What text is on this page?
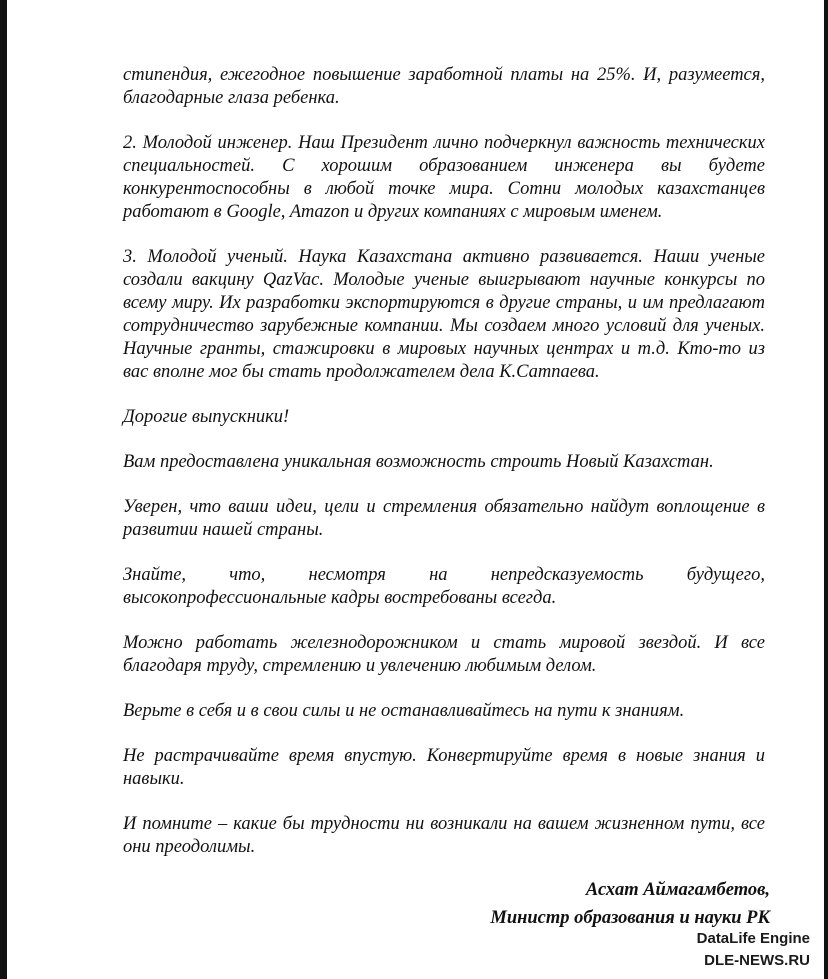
стипендия, ежегодное повышение заработной платы на 25%. И, разумеется, благодарные глаза ребенка.

2. Молодой инженер. Наш Президент лично подчеркнул важность технических специальностей. С хорошим образованием инженера вы будете конкурентоспособны в любой точке мира. Сотни молодых казахстанцев работают в Google, Amazon и других компаниях с мировым именем.

3. Молодой ученый. Наука Казахстана активно развивается. Наши ученые создали вакцину QazVac. Молодые ученые выигрывают научные конкурсы по всему миру. Их разработки экспортируются в другие страны, и им предлагают сотрудничество зарубежные компании. Мы создаем много условий для ученых. Научные гранты, стажировки в мировых научных центрах и т.д. Кто-то из вас вполне мог бы стать продолжателем дела К.Сатпаева.

Дорогие выпускники!

Вам предоставлена уникальная возможность строить Новый Казахстан.

Уверен, что ваши идеи, цели и стремления обязательно найдут воплощение в развитии нашей страны.

Знайте, что, несмотря на непредсказуемость будущего, высокопрофессиональные кадры востребованы всегда.

Можно работать железнодорожником и стать мировой звездой. И все благодаря труду, стремлению и увлечению любимым делом.

Верьте в себя и в свои силы и не останавливайтесь на пути к знаниям.

Не растрачивайте время впустую. Конвертируйте время в новые знания и навыки.

И помните – какие бы трудности ни возникали на вашем жизненном пути, все они преодолимы.

Асхат Аймагамбетов,
Министр образования и науки РК
DataLife Engine
DLE-NEWS.RU
